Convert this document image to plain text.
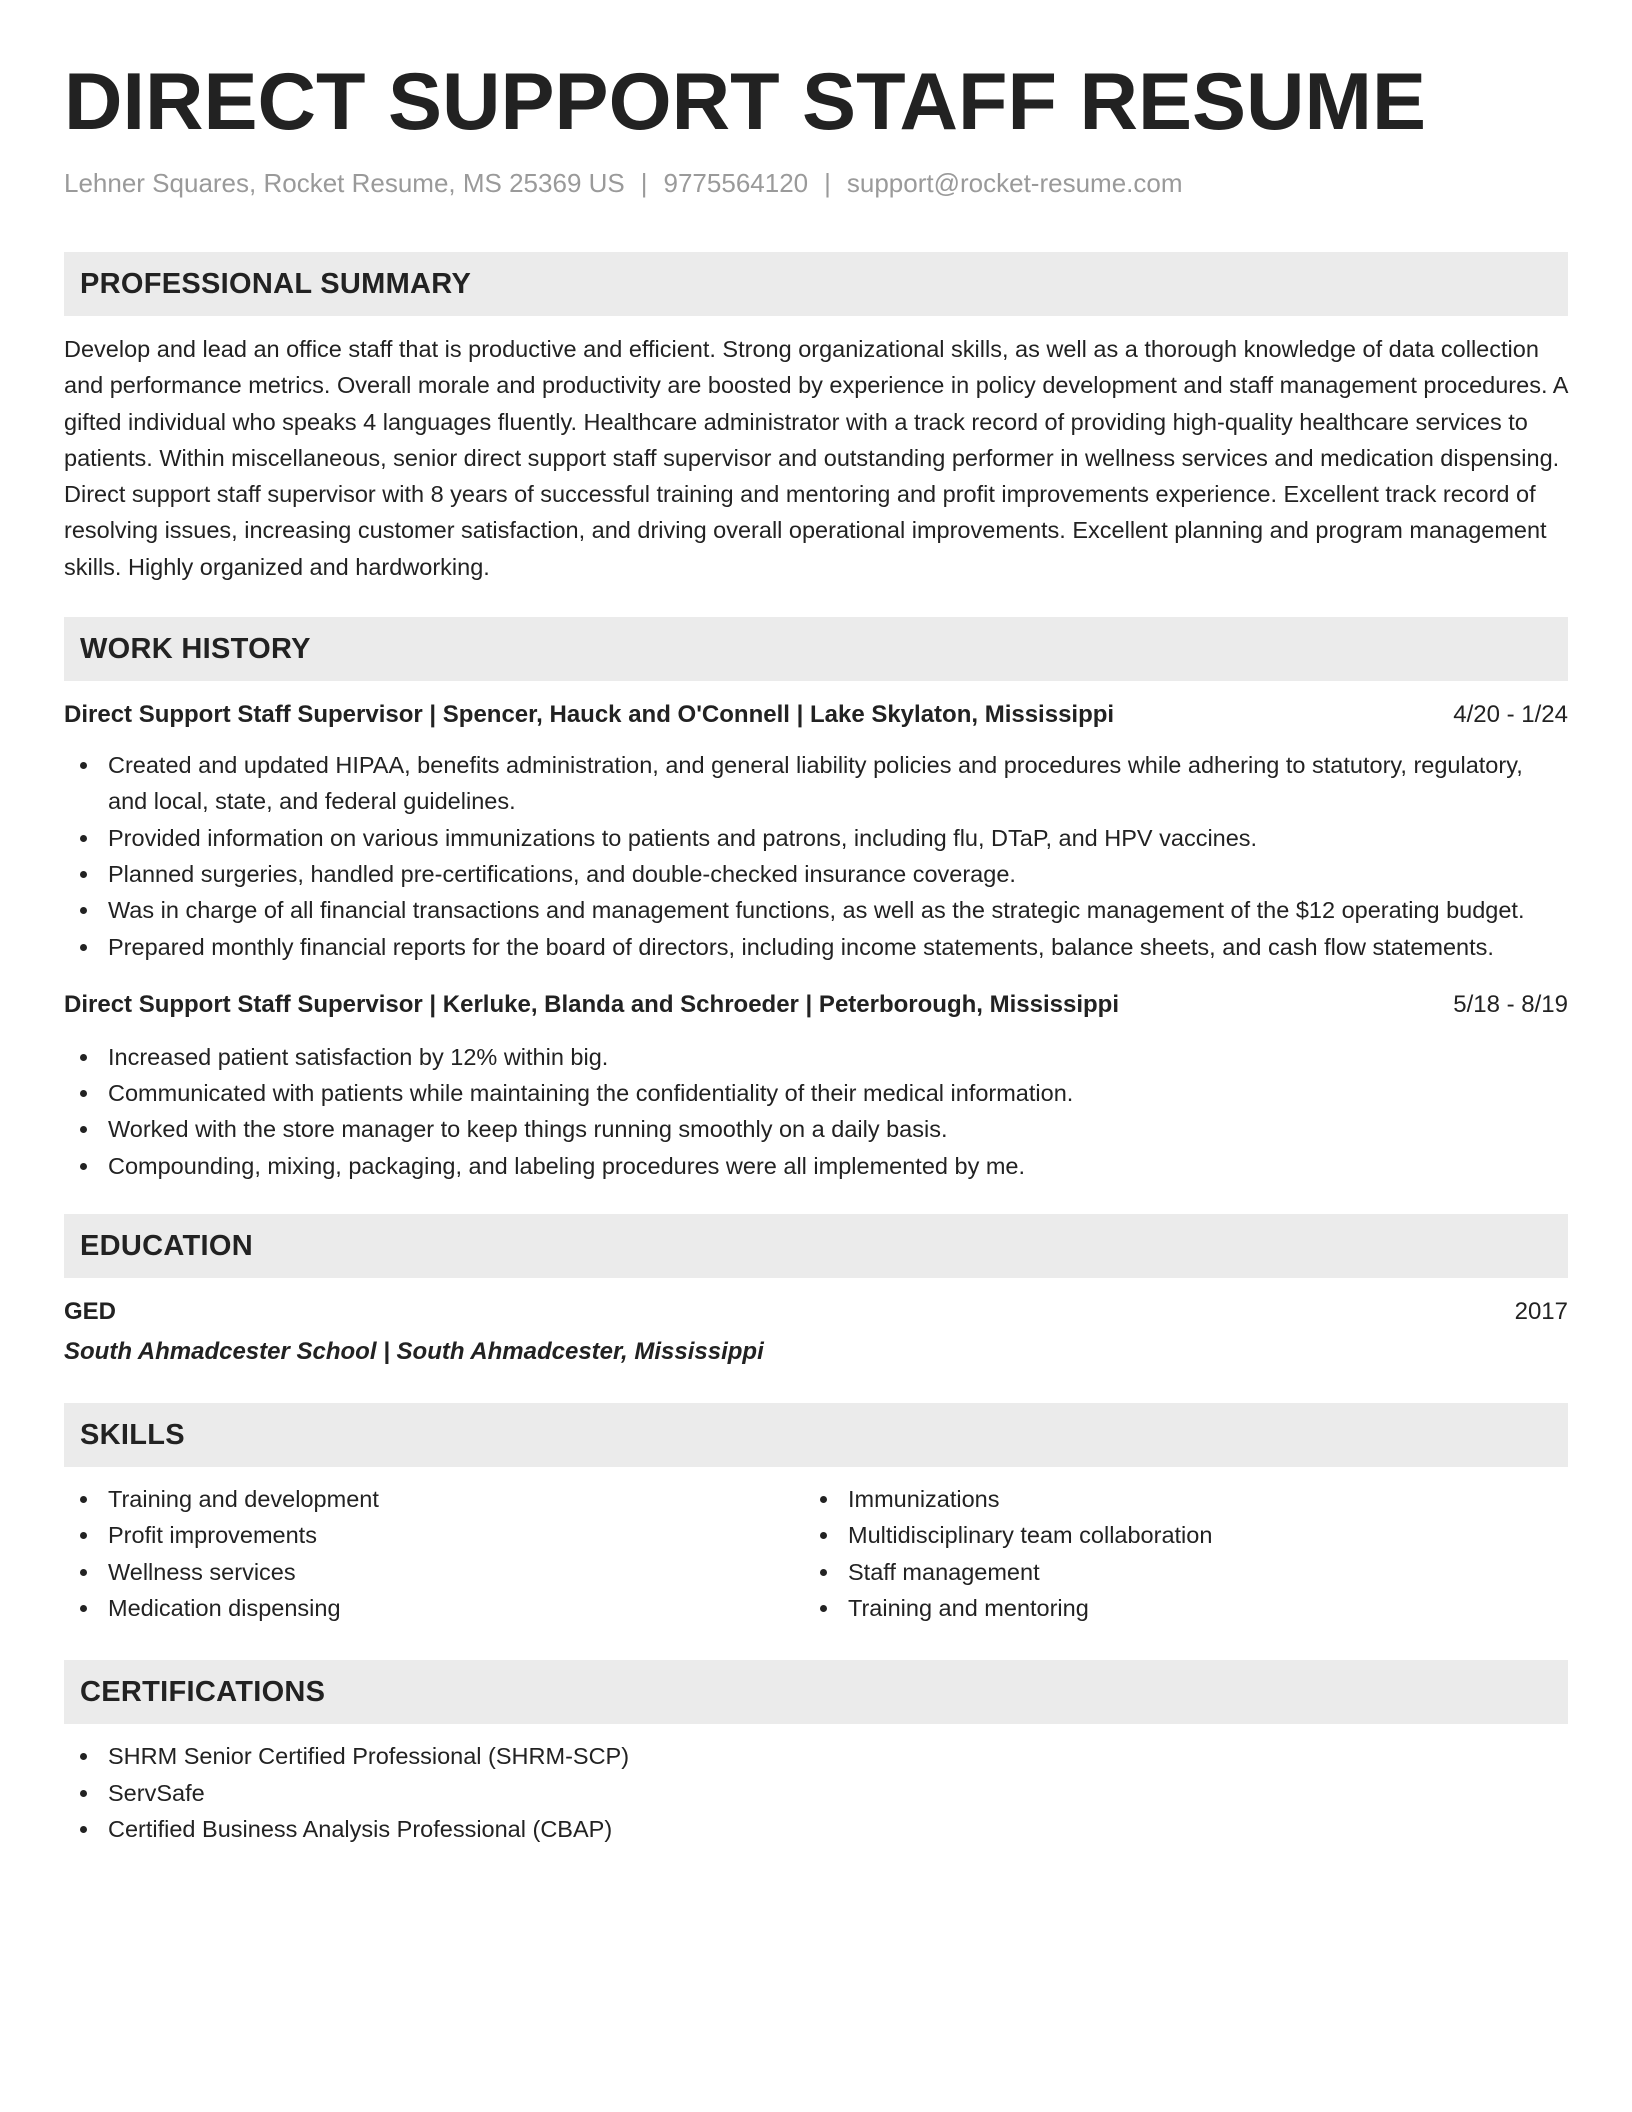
DIRECT SUPPORT STAFF RESUME
Lehner Squares, Rocket Resume, MS 25369 US | 9775564120 | support@rocket-resume.com
PROFESSIONAL SUMMARY

Develop and lead an office staff that is productive and efficient. Strong organizational skills, as well as a thorough knowledge of data collection and performance metrics. Overall morale and productivity are boosted by experience in policy development and staff management procedures. A gifted individual who speaks 4 languages fluently. Healthcare administrator with a track record of providing high-quality healthcare services to patients. Within miscellaneous, senior direct support staff supervisor and outstanding performer in wellness services and medication dispensing. Direct support staff supervisor with 8 years of successful training and mentoring and profit improvements experience. Excellent track record of resolving issues, increasing customer satisfaction, and driving overall operational improvements. Excellent planning and program management skills. Highly organized and hardworking.

WORK HISTORY
Direct Support Staff Supervisor | Spencer, Hauck and O'Connell | Lake Skylaton, Mississippi	4/20 - 1/24
Created and updated HIPAA, benefits administration, and general liability policies and procedures while adhering to statutory, regulatory, and local, state, and federal guidelines.
Provided information on various immunizations to patients and patrons, including flu, DTaP, and HPV vaccines.
Planned surgeries, handled pre-certifications, and double-checked insurance coverage.
Was in charge of all financial transactions and management functions, as well as the strategic management of the $12 operating budget.
Prepared monthly financial reports for the board of directors, including income statements, balance sheets, and cash flow statements.
Direct Support Staff Supervisor | Kerluke, Blanda and Schroeder | Peterborough, Mississippi	5/18 - 8/19
Increased patient satisfaction by 12% within big.
Communicated with patients while maintaining the confidentiality of their medical information.
Worked with the store manager to keep things running smoothly on a daily basis.
Compounding, mixing, packaging, and labeling procedures were all implemented by me.
EDUCATION
GED	2017
South Ahmadcester School | South Ahmadcester, Mississippi
SKILLS
Training and development
Profit improvements
Wellness services
Medication dispensing
Immunizations
Multidisciplinary team collaboration
Staff management
Training and mentoring
CERTIFICATIONS
SHRM Senior Certified Professional (SHRM-SCP)
ServSafe
Certified Business Analysis Professional (CBAP)
